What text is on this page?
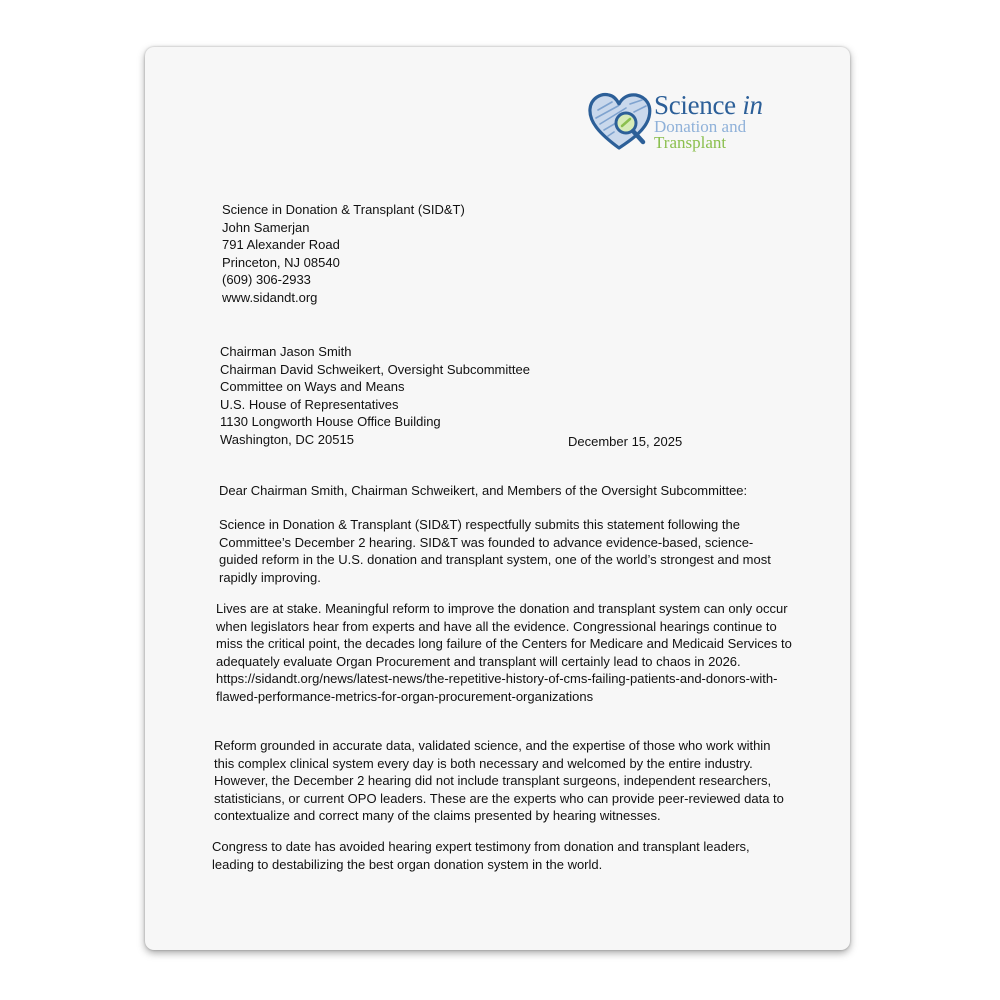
Science in
Donation and
Transplant
Science in Donation & Transplant (SID&T)
John Samerjan
791 Alexander Road
Princeton, NJ 08540
(609) 306-2933
www.sidandt.org
Chairman Jason Smith
Chairman David Schweikert, Oversight Subcommittee
Committee on Ways and Means
U.S. House of Representatives
1130 Longworth House Office Building
Washington, DC 20515	December 15, 2025
Dear Chairman Smith, Chairman Schweikert, and Members of the Oversight Subcommittee:
Science in Donation & Transplant (SID&T) respectfully submits this statement following the Committee’s December 2 hearing. SID&T was founded to advance evidence-based, science-guided reform in the U.S. donation and transplant system, one of the world’s strongest and most rapidly improving.
Lives are at stake. Meaningful reform to improve the donation and transplant system can only occur when legislators hear from experts and have all the evidence. Congressional hearings continue to miss the critical point, the decades long failure of the Centers for Medicare and Medicaid Services to adequately evaluate Organ Procurement and transplant will certainly lead to chaos in 2026. https://sidandt.org/news/latest-news/the-repetitive-history-of-cms-failing-patients-and-donors-with-flawed-performance-metrics-for-organ-procurement-organizations
Reform grounded in accurate data, validated science, and the expertise of those who work within this complex clinical system every day is both necessary and welcomed by the entire industry. However, the December 2 hearing did not include transplant surgeons, independent researchers, statisticians, or current OPO leaders. These are the experts who can provide peer-reviewed data to contextualize and correct many of the claims presented by hearing witnesses.
Congress to date has avoided hearing expert testimony from donation and transplant leaders, leading to destabilizing the best organ donation system in the world.
